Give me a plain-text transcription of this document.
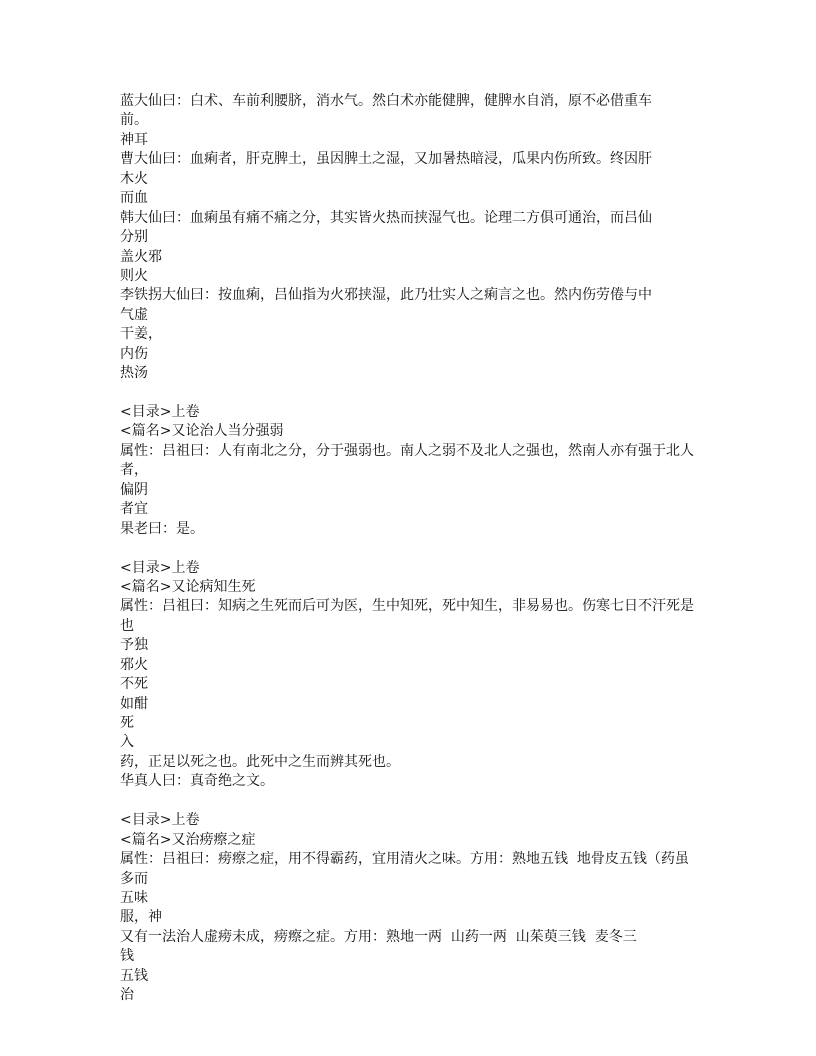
蓝大仙曰：白术、车前利腰脐，消水气。然白术亦能健脾，健脾水自消，原不必借重车
前。
神耳
曹大仙曰：血痢者，肝克脾土，虽因脾土之湿，又加暑热暗浸，瓜果内伤所致。终因肝
木火
而血
韩大仙曰：血痢虽有痛不痛之分，其实皆火热而挟湿气也。论理二方俱可通治，而吕仙
分别
盖火邪
则火
李铁拐大仙曰：按血痢，吕仙指为火邪挟湿，此乃壮实人之痢言之也。然内伤劳倦与中
气虚
干姜，
内伤
热汤
<目录>上卷
<篇名>又论治人当分强弱
属性：吕祖曰：人有南北之分，分于强弱也。南人之弱不及北人之强也，然南人亦有强于北人
者，
偏阴
者宜
果老曰：是。
<目录>上卷
<篇名>又论病知生死
属性：吕祖曰：知病之生死而后可为医，生中知死，死中知生，非易易也。伤寒七日不汗死是
也
予独
邪火
不死
如酣
死
入
药，正足以死之也。此死中之生而辨其死也。
华真人曰：真奇绝之文。
<目录>上卷
<篇名>又治痨瘵之症
属性：吕祖曰：痨瘵之症，用不得霸药，宜用清火之味。方用：熟地五钱  地骨皮五钱（药虽
多而
五味
服，神
又有一法治人虚痨未成，痨瘵之症。方用：熟地一两  山药一两  山茱萸三钱  麦冬三
钱
五钱
治
